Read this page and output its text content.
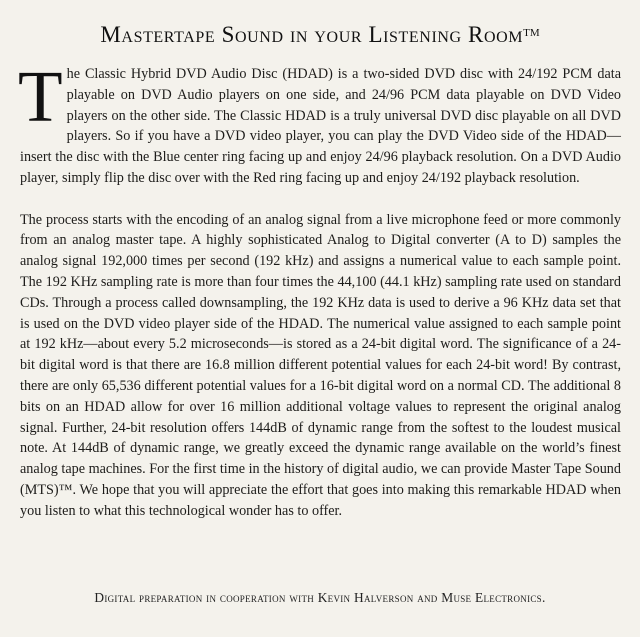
Mastertape Sound in your Listening Room™

The Classic Hybrid DVD Audio Disc (HDAD) is a two-sided DVD disc with 24/192 PCM data playable on DVD Audio players on one side, and 24/96 PCM data playable on DVD Video players on the other side. The Classic HDAD is a truly universal DVD disc playable on all DVD players. So if you have a DVD video player, you can play the DVD Video side of the HDAD—insert the disc with the Blue center ring facing up and enjoy 24/96 playback resolution. On a DVD Audio player, simply flip the disc over with the Red ring facing up and enjoy 24/192 playback resolution.

The process starts with the encoding of an analog signal from a live microphone feed or more commonly from an analog master tape. A highly sophisticated Analog to Digital converter (A to D) samples the analog signal 192,000 times per second (192 kHz) and assigns a numerical value to each sample point. The 192 KHz sampling rate is more than four times the 44,100 (44.1 kHz) sampling rate used on standard CDs. Through a process called downsampling, the 192 KHz data is used to derive a 96 KHz data set that is used on the DVD video player side of the HDAD. The numerical value assigned to each sample point at 192 kHz—about every 5.2 microseconds—is stored as a 24-bit digital word. The significance of a 24-bit digital word is that there are 16.8 million different potential values for each 24-bit word! By contrast, there are only 65,536 different potential values for a 16-bit digital word on a normal CD. The additional 8 bits on an HDAD allow for over 16 million additional voltage values to represent the original analog signal. Further, 24-bit resolution offers 144dB of dynamic range from the softest to the loudest musical note. At 144dB of dynamic range, we greatly exceed the dynamic range available on the world’s finest analog tape machines. For the first time in the history of digital audio, we can provide Master Tape Sound (MTS)™. We hope that you will appreciate the effort that goes into making this remarkable HDAD when you listen to what this technological wonder has to offer.

Digital preparation in cooperation with Kevin Halverson and Muse Electronics.
